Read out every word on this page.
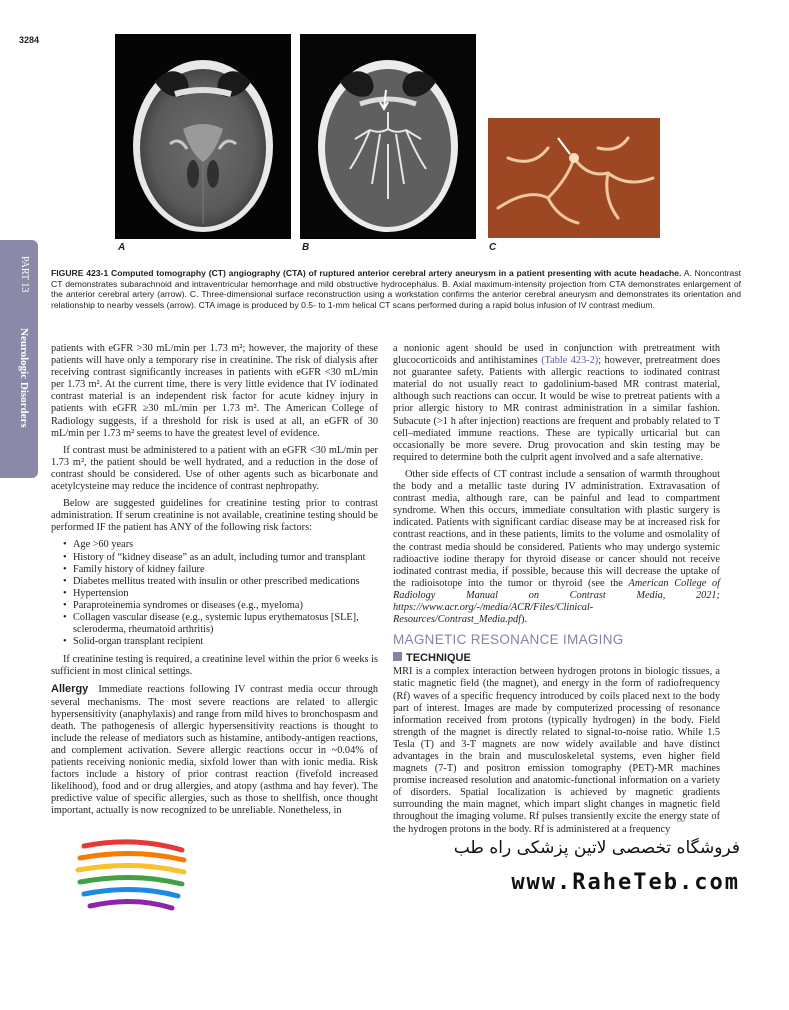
3284
A	B	C
FIGURE 423-1 Computed tomography (CT) angiography (CTA) of ruptured anterior cerebral artery aneurysm in a patient presenting with acute headache. A. Noncontrast CT demonstrates subarachnoid and intraventricular hemorrhage and mild obstructive hydrocephalus. B. Axial maximum-intensity projection from CTA demonstrates enlargement of the anterior cerebral artery (arrow). C. Three-dimensional surface reconstruction using a workstation confirms the anterior cerebral aneurysm and demonstrates its orientation and relationship to nearby vessels (arrow). CTA image is produced by 0.5- to 1-mm helical CT scans performed during a rapid bolus infusion of IV contrast medium.
PART 13
Neurologic Disorders patients with eGFR >30 mL/min per 1.73 m²; however, the majority of these patients will have only a temporary rise in creatinine. The risk of dialysis after receiving contrast significantly increases in patients with eGFR <30 mL/min per 1.73 m². At the current time, there is very little evidence that IV iodinated contrast material is an independent risk factor for acute kidney injury in patients with eGFR ≥30 mL/min per 1.73 m². The American College of Radiology suggests, if a threshold for risk is used at all, an eGFR of 30 mL/min per 1.73 m² seems to have the greatest level of evidence.

If contrast must be administered to a patient with an eGFR <30 mL/min per 1.73 m², the patient should be well hydrated, and a reduction in the dose of contrast should be considered. Use of other agents such as bicarbonate and acetylcysteine may reduce the incidence of contrast nephropathy.

Below are suggested guidelines for creatinine testing prior to contrast administration. If serum creatinine is not available, creatinine testing should be performed IF the patient has ANY of the following risk factors:

• Age >60 years
• History of “kidney disease” as an adult, including tumor and transplant
• Family history of kidney failure
• Diabetes mellitus treated with insulin or other prescribed medications
• Hypertension
• Paraproteinemia syndromes or diseases (e.g., myeloma)
• Collagen vascular disease (e.g., systemic lupus erythematosus [SLE], scleroderma, rheumatoid arthritis)
• Solid-organ transplant recipient

If creatinine testing is required, a creatinine level within the prior 6 weeks is sufficient in most clinical settings.

Allergy Immediate reactions following IV contrast media occur through several mechanisms. The most severe reactions are related to allergic hypersensitivity (anaphylaxis) and range from mild hives to bronchospasm and death. The pathogenesis of allergic hypersensitivity reactions is thought to include the release of mediators such as histamine, antibody-antigen reactions, and complement activation. Severe allergic reactions occur in ~0.04% of patients receiving nonionic media, sixfold lower than with ionic media. Risk factors include a history of prior contrast reaction (fivefold increased likelihood), food and or drug allergies, and atopy (asthma and hay fever). The predictive value of specific allergies, such as those to shellfish, once thought important, actually is now recognized to be unreliable. Nonetheless, in

a nonionic agent should be used in conjunction with pretreatment with glucocorticoids and antihistamines (Table 423-2); however, pretreatment does not guarantee safety. Patients with allergic reactions to iodinated contrast material do not usually react to gadolinium-based MR contrast material, although such reactions can occur. It would be wise to pretreat patients with a prior allergic history to MR contrast administration in a similar fashion. Subacute (>1 h after injection) reactions are frequent and probably related to T cell–mediated immune reactions. These are typically urticarial but can occasionally be more severe. Drug provocation and skin testing may be required to determine both the culprit agent involved and a safe alternative.

Other side effects of CT contrast include a sensation of warmth throughout the body and a metallic taste during IV administration. Extravasation of contrast media, although rare, can be painful and lead to compartment syndrome. When this occurs, immediate consultation with plastic surgery is indicated. Patients with significant cardiac disease may be at increased risk for contrast reactions, and in these patients, limits to the volume and osmolality of the contrast media should be considered. Patients who may undergo systemic radioactive iodine therapy for thyroid disease or cancer should not receive iodinated contrast media, if possible, because this will decrease the uptake of the radioisotope into the tumor or thyroid (see the American College of Radiology Manual on Contrast Media, 2021; https://www.acr.org/-/media/ACR/Files/Clinical-Resources/Contrast_Media.pdf).

MAGNETIC RESONANCE IMAGING
TECHNIQUE

MRI is a complex interaction between hydrogen protons in biologic tissues, a static magnetic field (the magnet), and energy in the form of radiofrequency (Rf) waves of a specific frequency introduced by coils placed next to the body part of interest. Images are made by computerized processing of resonance information received from protons (typically hydrogen) in the body. Field strength of the magnet is directly related to signal-to-noise ratio. While 1.5 Tesla (T) and 3-T magnets are now widely available and have distinct advantages in the brain and musculoskeletal systems, even higher field magnets (7-T) and positron emission tomography (PET)-MR machines promise increased resolution and anatomic-functional information on a variety of disorders. Spatial localization is achieved by magnetic gradients surrounding the main magnet, which impart slight changes in magnetic field throughout the imaging volume. Rf pulses transiently excite the energy state of the hydrogen protons in the body. Rf is administered at a frequency

فروشگاه تخصصی لاتین پزشکی راه طب
www.RaheTeb.com
